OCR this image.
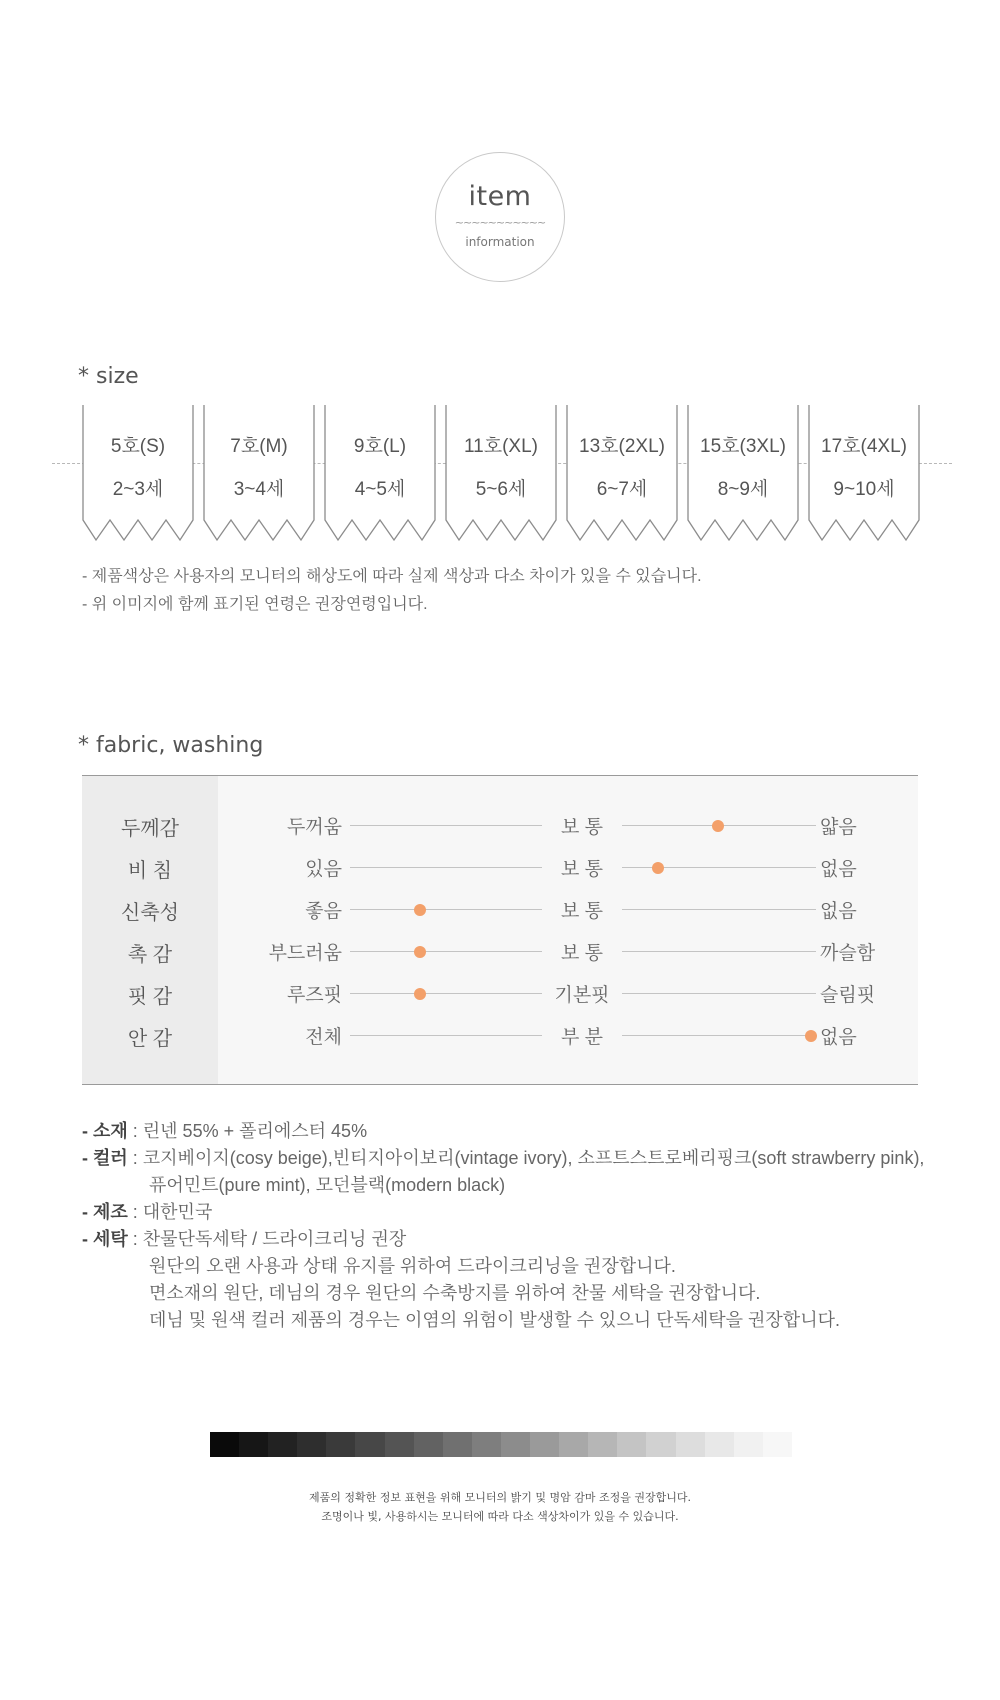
item
~~~~~~~~~~~
information
* size
5호(S)
2~3세
7호(M)
3~4세
9호(L)
4~5세
11호(XL)
5~6세
13호(2XL)
6~7세
15호(3XL)
8~9세
17호(4XL)
9~10세
- 제품색상은 사용자의 모니터의 해상도에 따라 실제 색상과 다소 차이가 있을 수 있습니다.
- 위 이미지에 함께 표기된 연령은 권장연령입니다.
* fabric, washing
두께감	두꺼움	보 통	얇음
비 침	있음	보 통	없음
신축성	좋음	보 통	없음
촉 감	부드러움	보 통	까슬함
핏 감	루즈핏	기본핏	슬림핏
안 감	전체	부 분	없음
- 소재 : 린넨 55% + 폴리에스터 45%
- 컬러 : 코지베이지(cosy beige),빈티지아이보리(vintage ivory), 소프트스트로베리핑크(soft strawberry pink),
퓨어민트(pure mint), 모던블랙(modern black)
- 제조 : 대한민국
- 세탁 : 찬물단독세탁 / 드라이크리닝 권장
원단의 오랜 사용과 상태 유지를 위하여 드라이크리닝을 권장합니다.
면소재의 원단, 데님의 경우 원단의 수축방지를 위하여 찬물 세탁을 권장합니다.
데님 및 원색 컬러 제품의 경우는 이염의 위험이 발생할 수 있으니 단독세탁을 권장합니다.
제품의 정확한 정보 표현을 위해 모니터의 밝기 및 명암 감마 조정을 권장합니다.
조명이나 빛, 사용하시는 모니터에 따라 다소 색상차이가 있을 수 있습니다.
